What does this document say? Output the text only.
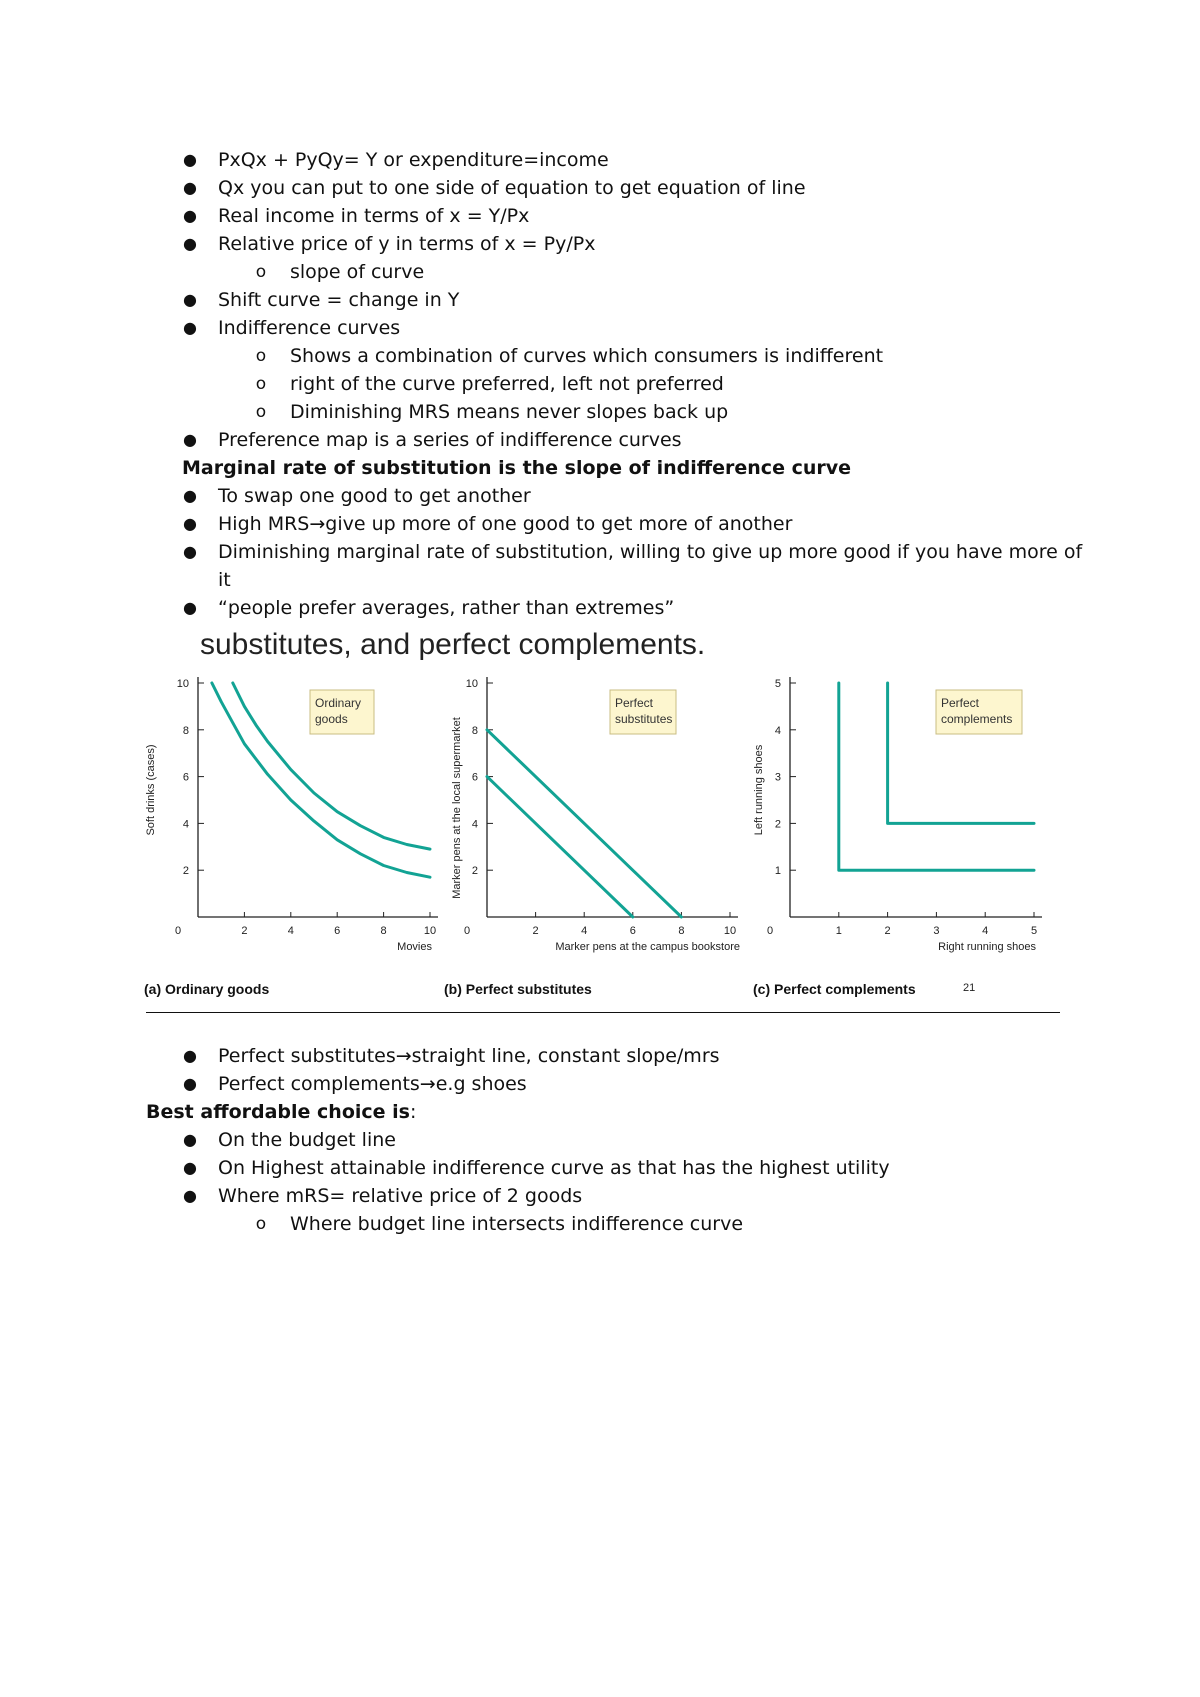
● PxQx + PyQy= Y or expenditure=income
● Qx you can put to one side of equation to get equation of line
● Real income in terms of x = Y/Px
● Relative price of y in terms of x = Py/Px
o slope of curve
● Shift curve = change in Y
● Indifference curves
o Shows a combination of curves which consumers is indifferent
o right of the curve preferred, left not preferred
o Diminishing MRS means never slopes back up
● Preference map is a series of indifference curves
Marginal rate of substitution is the slope of indifference curve
● To swap one good to get another
● High MRS→give up more of one good to get more of another
● Diminishing marginal rate of substitution, willing to give up more good if you have more of
it
● “people prefer averages, rather than extremes”
substitutes, and perfect complements.
21
0	2	4	6	8	10
2
4
6
8
10
Ordinary
goods
Movies
Soft drinks (cases)
(a) Ordinary goods
0	2	4	6	8	10
2
4
6
8
10
Perfect
substitutes
Marker pens at the campus bookstore
Marker pens at the local supermarket
(b) Perfect substitutes
0	1	2	3	4	5
1
2
3
4
5
Perfect
complements
Right running shoes
Left running shoes
(c) Perfect complements
● Perfect substitutes→straight line, constant slope/mrs
● Perfect complements→e.g shoes
Best affordable choice is:
● On the budget line
● On Highest attainable indifference curve as that has the highest utility
● Where mRS= relative price of 2 goods
o Where budget line intersects indifference curve
